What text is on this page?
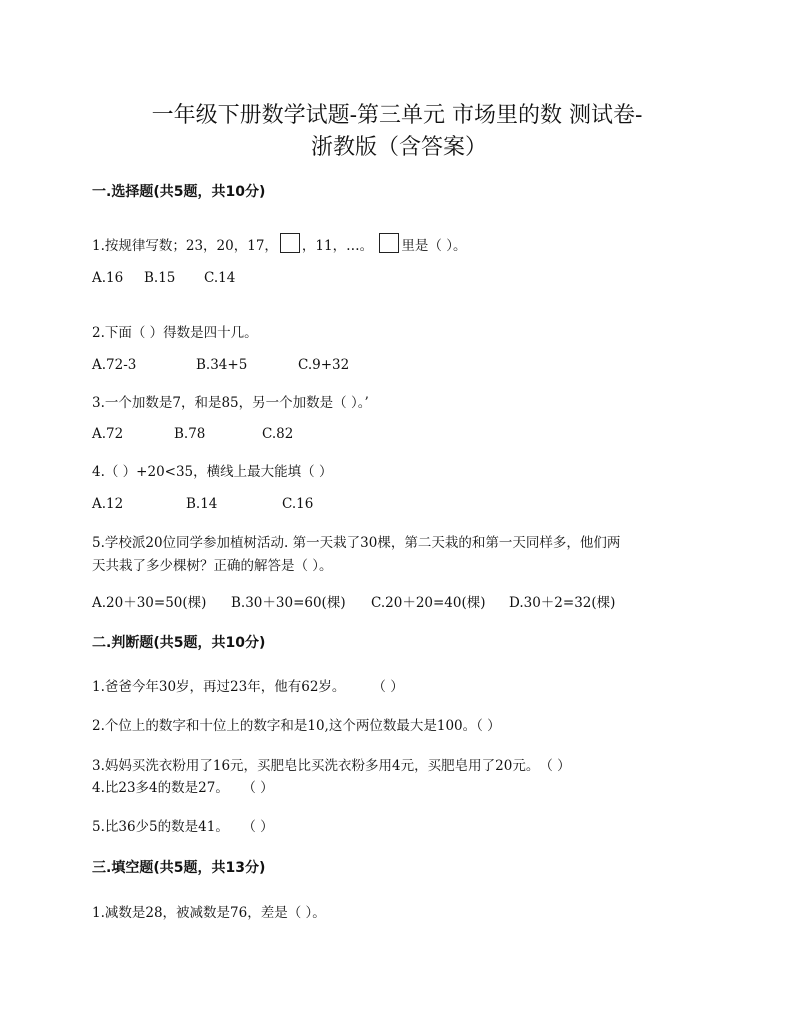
一年级下册数学试题-第三单元 市场里的数 测试卷-
浙教版（含答案）
一.选择题(共5题，共10分)
1.按规律写数；23，20，17， ，11，…。 里是（ ）。
A.16 B.15 C.14
2.下面（ ）得数是四十几。
A.72-3	B.34+5	C.9+32
3.一个加数是7，和是85，另一个加数是（ ）。’
A.72	B.78	C.82
4.（ ）+20<35，横线上最大能填（ ）
A.12	B.14	C.16
5.学校派20位同学参加植树活动. 第一天栽了30棵，第二天栽的和第一天同样多，他们两
天共栽了多少棵树？正确的解答是（ ）。
A.20＋30=50(棵) B.30＋30=60(棵) C.20＋20=40(棵) D.30＋2=32(棵)
二.判断题(共5题，共10分)
1.爸爸今年30岁，再过23年，他有62岁。　　　（ ）
2.个位上的数字和十位上的数字和是10,这个两位数最大是100。（ ）
3.妈妈买洗衣粉用了16元，买肥皂比买洗衣粉多用4元，买肥皂用了20元。　（ ）
4.比23多4的数是27。　　（ ）
5.比36少5的数是41。　　（ ）
三.填空题(共5题，共13分)
1.减数是28，被减数是76，差是（ ）。
